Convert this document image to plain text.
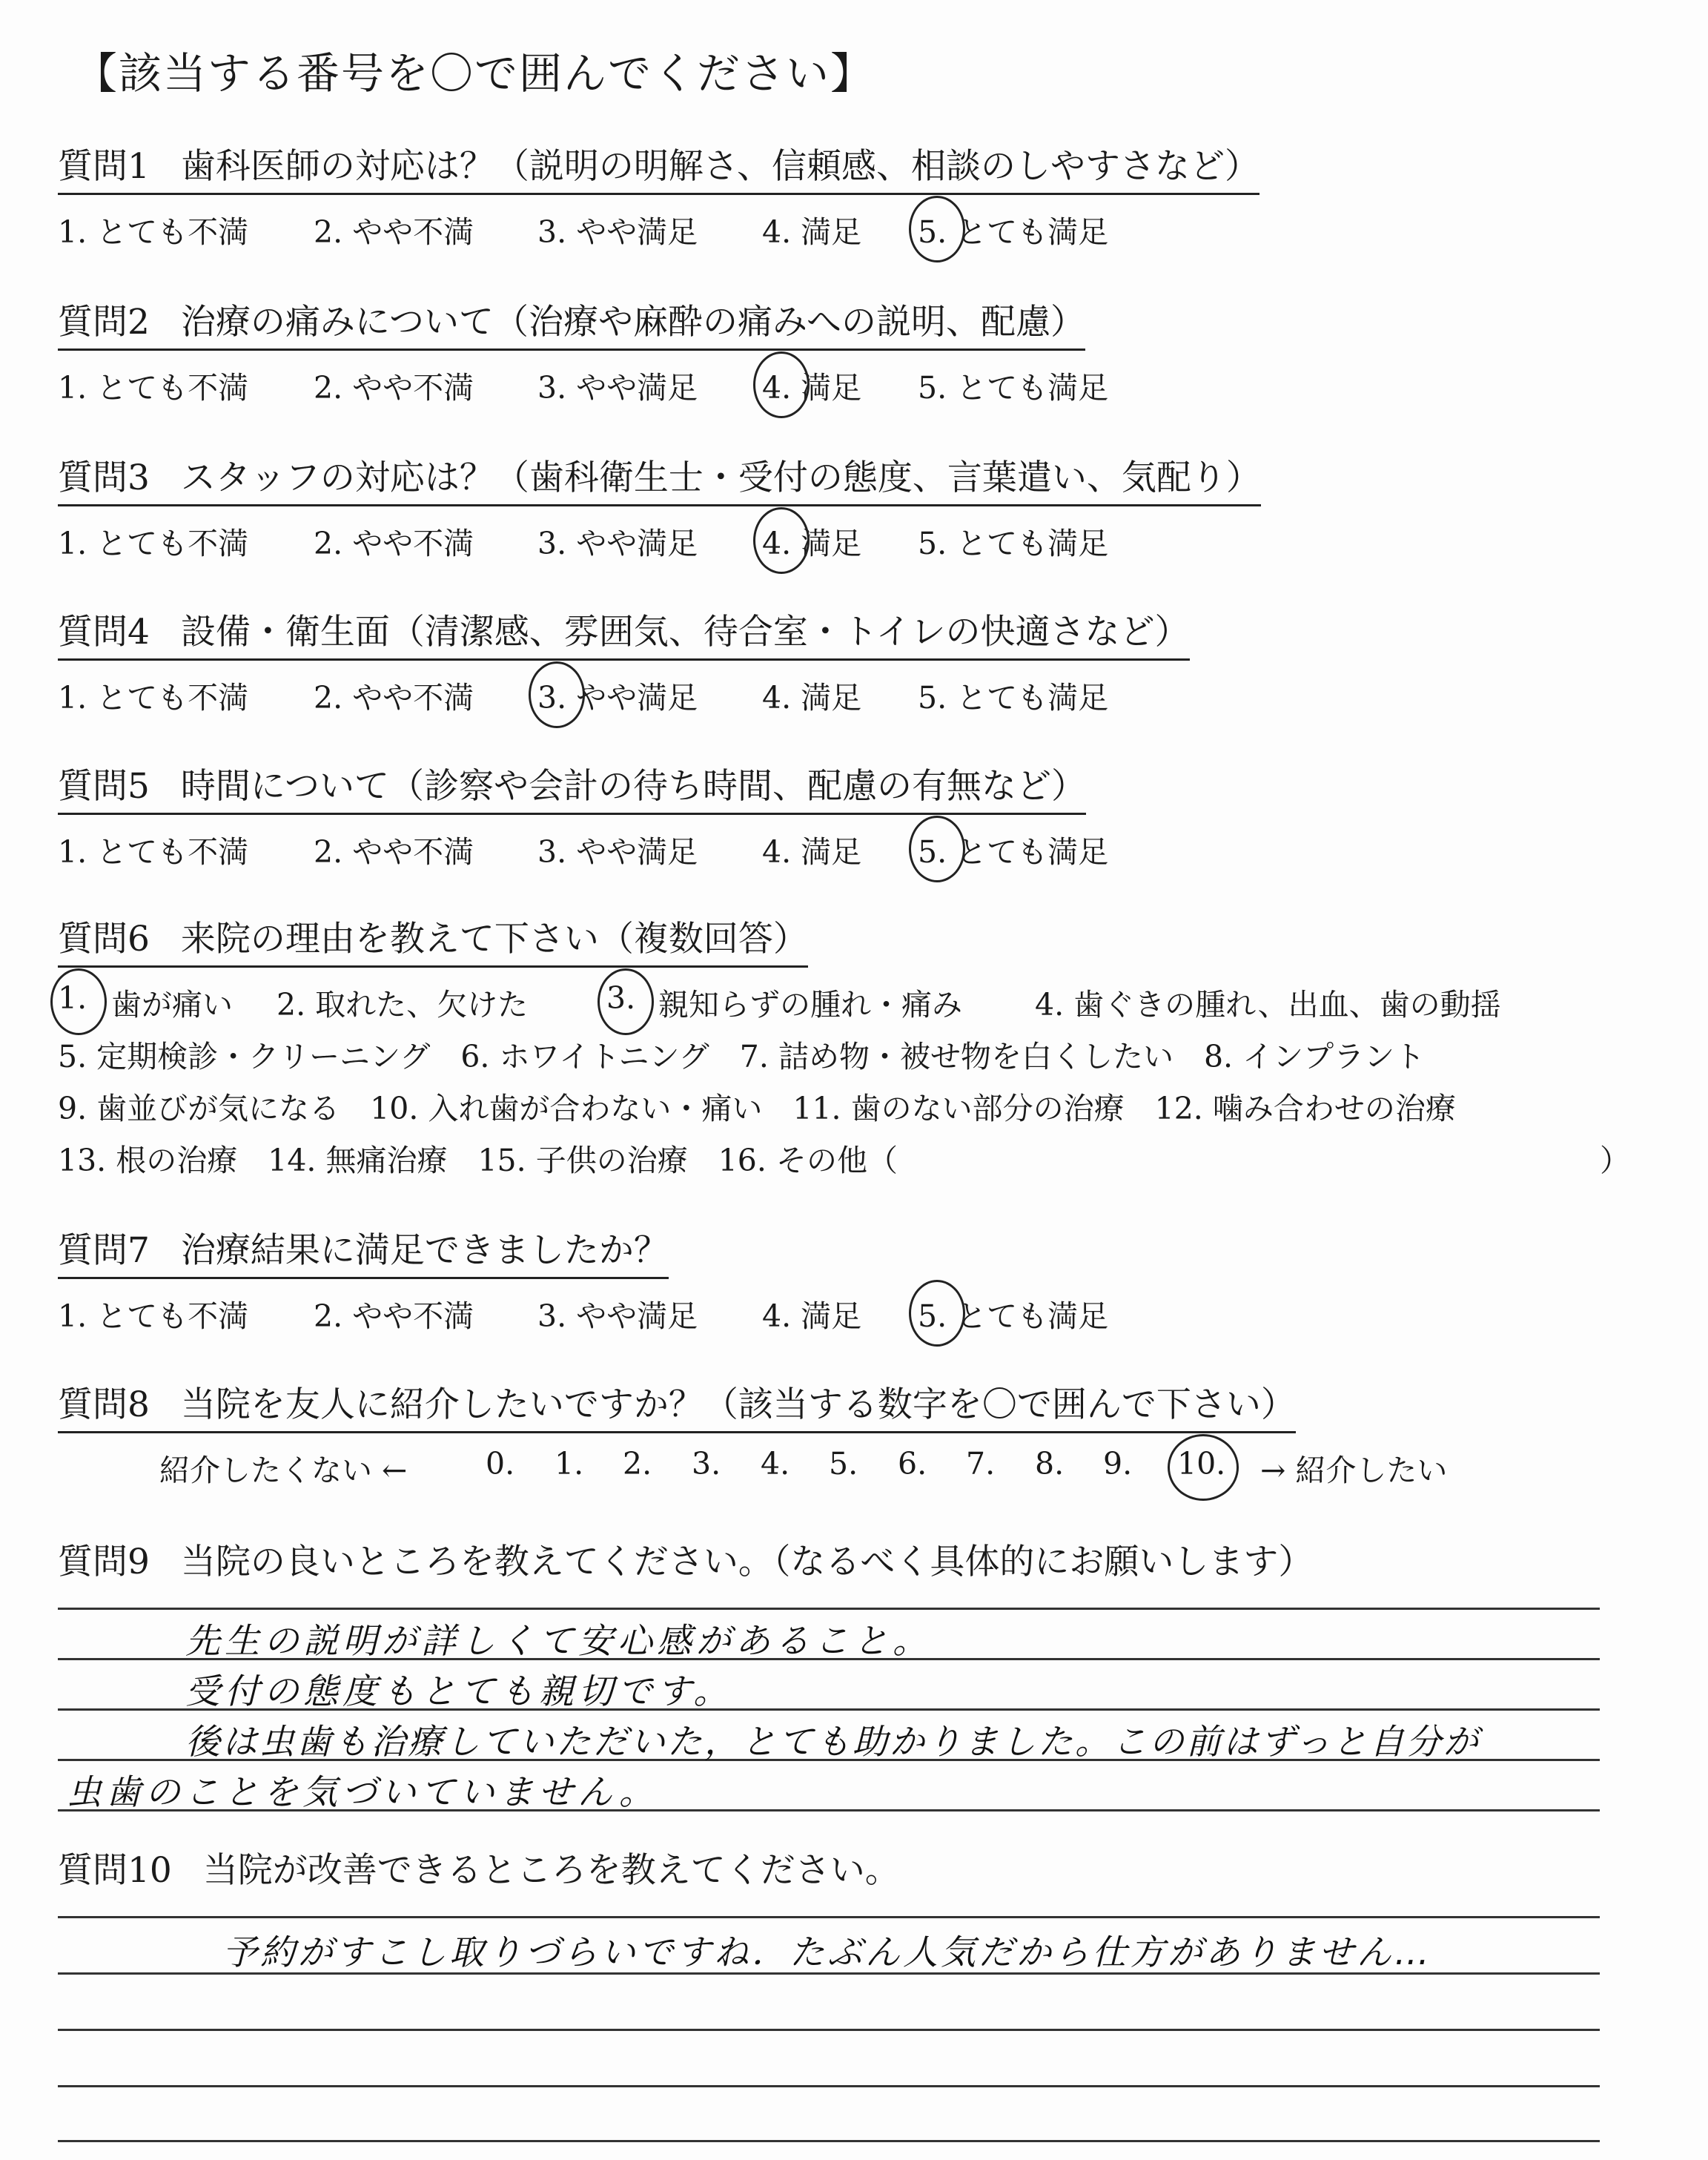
【該当する番号を〇で囲んでください】
質問1 歯科医師の対応は？（説明の明解さ、信頼感、相談のしやすさなど）
1. とても不満 2. やや不満 3. やや満足 4. 満足 5. とても満足
質問2 治療の痛みについて（治療や麻酔の痛みへの説明、配慮）
1. とても不満 2. やや不満 3. やや満足 4. 満足 5. とても満足
質問3 スタッフの対応は？（歯科衛生士・受付の態度、言葉遣い、気配り）
1. とても不満 2. やや不満 3. やや満足 4. 満足 5. とても満足
質問4 設備・衛生面（清潔感、雰囲気、待合室・トイレの快適さなど）
1. とても不満 2. やや不満 3. やや満足 4. 満足 5. とても満足
質問5 時間について（診察や会計の待ち時間、配慮の有無など）
1. とても不満 2. やや不満 3. やや満足 4. 満足 5. とても満足
質問6 来院の理由を教えて下さい（複数回答）
1. 歯が痛い 2. 取れた、欠けた	3. 親知らずの腫れ・痛み 4. 歯ぐきの腫れ、出血、歯の動揺
5. 定期検診・クリーニング　6. ホワイトニング　7. 詰め物・被せ物を白くしたい　8. インプラント
9. 歯並びが気になる　10. 入れ歯が合わない・痛い　11. 歯のない部分の治療　12. 噛み合わせの治療
13. 根の治療　14. 無痛治療　15. 子供の治療　16. その他（	）
質問7 治療結果に満足できましたか？
1. とても不満 2. やや不満 3. やや満足 4. 満足 5. とても満足
質問8 当院を友人に紹介したいですか？（該当する数字を〇で囲んで下さい）
紹介したくない ←	0. 1. 2. 3. 4. 5. 6. 7. 8. 9. 10. → 紹介したい
質問9 当院の良いところを教えてください。（なるべく具体的にお願いします）
先生の説明が詳しくて安心感があること。
受付の態度もとても親切です。
後は虫歯も治療していただいた，とても助かりました。この前はずっと自分が
虫歯のことを気づいていません。
質問10 当院が改善できるところを教えてください。
予約がすこし取りづらいですね．たぶん人気だから仕方がありません…
